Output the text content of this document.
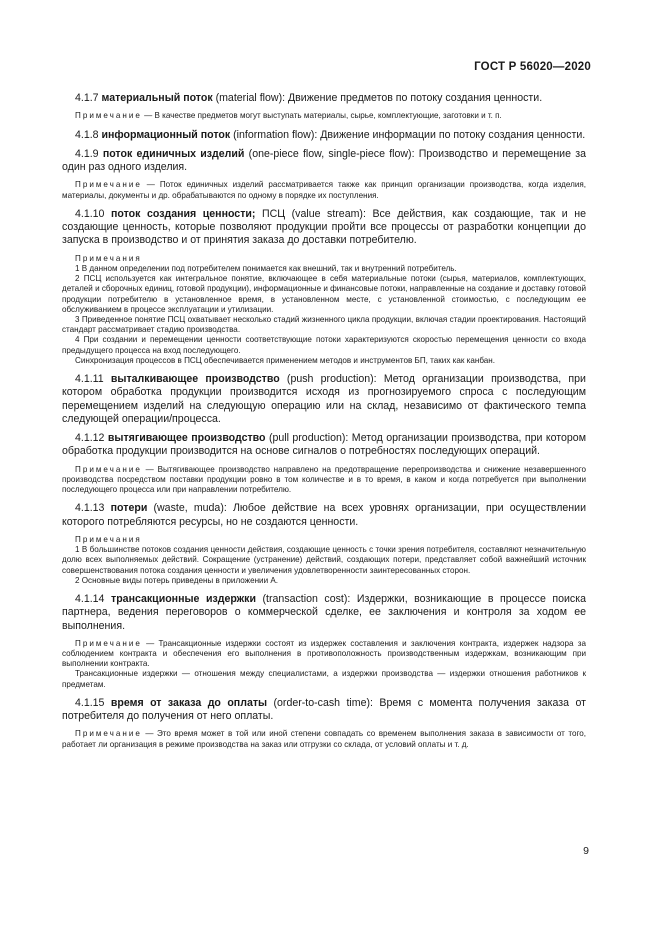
ГОСТ Р 56020—2020

4.1.7 материальный поток (material flow): Движение предметов по потоку создания ценности.

Примечание — В качестве предметов могут выступать материалы, сырье, комплектующие, заготовки и т. п.

4.1.8 информационный поток (information flow): Движение информации по потоку создания ценности.

4.1.9 поток единичных изделий (one-piece flow, single-piece flow): Производство и перемещение за один раз одного изделия.

Примечание — Поток единичных изделий рассматривается также как принцип организации производства, когда изделия, материалы, документы и др. обрабатываются по одному в порядке их поступления.

4.1.10 поток создания ценности; ПСЦ (value stream): Все действия, как создающие, так и не создающие ценность, которые позволяют продукции пройти все процессы от разработки концепции до запуска в производство и от принятия заказа до доставки потребителю.

Примечания

1 В данном определении под потребителем понимается как внешний, так и внутренний потребитель.

2 ПСЦ используется как интегральное понятие, включающее в себя материальные потоки (сырья, материалов, комплектующих, деталей и сборочных единиц, готовой продукции), информационные и финансовые потоки, направленные на создание и доставку готовой продукции потребителю в установленное время, в установленном месте, с установленной стоимостью, с последующим ее обслуживанием в процессе эксплуатации и утилизации.

3 Приведенное понятие ПСЦ охватывает несколько стадий жизненного цикла продукции, включая стадии проектирования. Настоящий стандарт рассматривает стадию производства.

4 При создании и перемещении ценности соответствующие потоки характеризуются скоростью перемещения ценности со входа предыдущего процесса на вход последующего.

Синхронизация процессов в ПСЦ обеспечивается применением методов и инструментов БП, таких как канбан.

4.1.11 выталкивающее производство (push production): Метод организации производства, при котором обработка продукции производится исходя из прогнозируемого спроса с последующим перемещением изделий на следующую операцию или на склад, независимо от фактического темпа следующей операции/процесса.

4.1.12 вытягивающее производство (pull production): Метод организации производства, при котором обработка продукции производится на основе сигналов о потребностях последующих операций.

Примечание — Вытягивающее производство направлено на предотвращение перепроизводства и снижение незавершенного производства посредством поставки продукции ровно в том количестве и в то время, в каком и когда потребуется при выполнении последующего процесса или при направлении потребителю.

4.1.13 потери (waste, muda): Любое действие на всех уровнях организации, при осуществлении которого потребляются ресурсы, но не создаются ценности.

Примечания

1 В большинстве потоков создания ценности действия, создающие ценность с точки зрения потребителя, составляют незначительную долю всех выполняемых действий. Сокращение (устранение) действий, создающих потери, представляет собой важнейший источник совершенствования потока создания ценности и увеличения удовлетворенности заинтересованных сторон.

2 Основные виды потерь приведены в приложении А.

4.1.14 трансакционные издержки (transaction cost): Издержки, возникающие в процессе поиска партнера, ведения переговоров о коммерческой сделке, ее заключения и контроля за ходом ее выполнения.

Примечание — Трансакционные издержки состоят из издержек составления и заключения контракта, издержек надзора за соблюдением контракта и обеспечения его выполнения в противоположность производственным издержкам, возникающим при выполнении контракта.

Трансакционные издержки — отношения между специалистами, а издержки производства — издержки отношения работников к предметам.

4.1.15 время от заказа до оплаты (order-to-cash time): Время с момента получения заказа от потребителя до получения от него оплаты.

Примечание — Это время может в той или иной степени совпадать со временем выполнения заказа в зависимости от того, работает ли организация в режиме производства на заказ или отгрузки со склада, от условий оплаты и т. д.

9
